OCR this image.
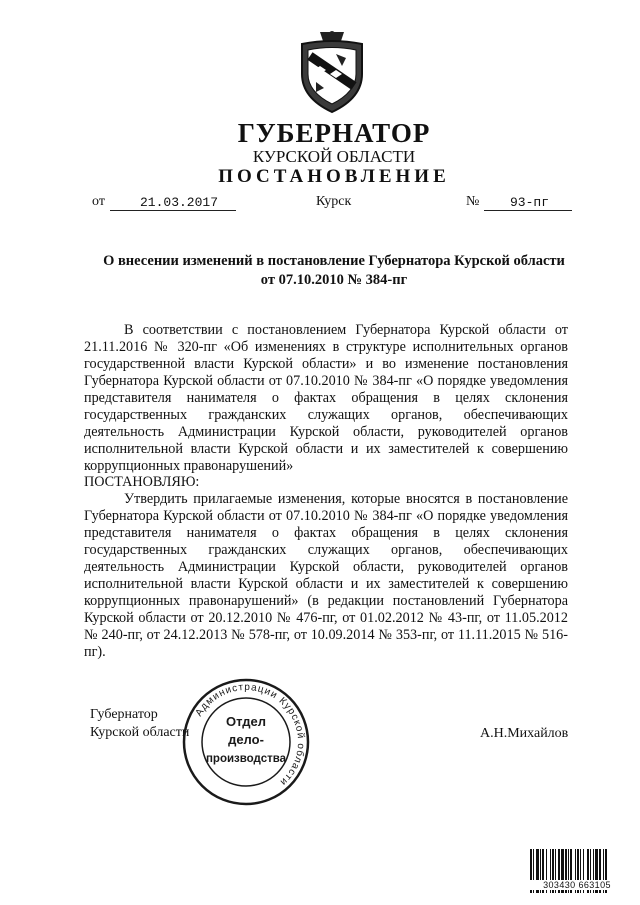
ГУБЕРНАТОР
КУРСКОЙ ОБЛАСТИ
ПОСТАНОВЛЕНИЕ
от	21.03.2017	Курск	№ 93-пг
О внесении изменений в постановление Губернатора Курской области
от 07.10.2010 № 384-пг
В соответствии с постановлением Губернатора Курской области от 21.11.2016 № 320-пг «Об изменениях в структуре исполнительных органов государственной власти Курской области» и во изменение постановления Губернатора Курской области от 07.10.2010 № 384-пг «О порядке уведомления представителя нанимателя о фактах обращения в целях склонения государственных гражданских служащих органов, обеспечивающих деятельность Администрации Курской области, руководителей органов исполнительной власти Курской области и их заместителей к совершению коррупционных правонарушений»
ПОСТАНОВЛЯЮ:
Утвердить прилагаемые изменения, которые вносятся в постановление Губернатора Курской области от 07.10.2010 № 384-пг «О порядке уведомления представителя нанимателя о фактах обращения в целях склонения государственных гражданских служащих органов, обеспечивающих деятельность Администрации Курской области, руководителей органов исполнительной власти Курской области и их заместителей к совершению коррупционных правонарушений» (в редакции постановлений Губернатора Курской области от 20.12.2010 № 476-пг, от 01.02.2012 № 43-пг, от 11.05.2012 № 240-пг, от 24.12.2013 № 578-пг, от 10.09.2014 № 353-пг, от 11.11.2015 № 516-пг).
Губернатор
Курской области	А.Н.Михайлов
Администрации Курской области
Отдел
дело-
производства
303430 663105
